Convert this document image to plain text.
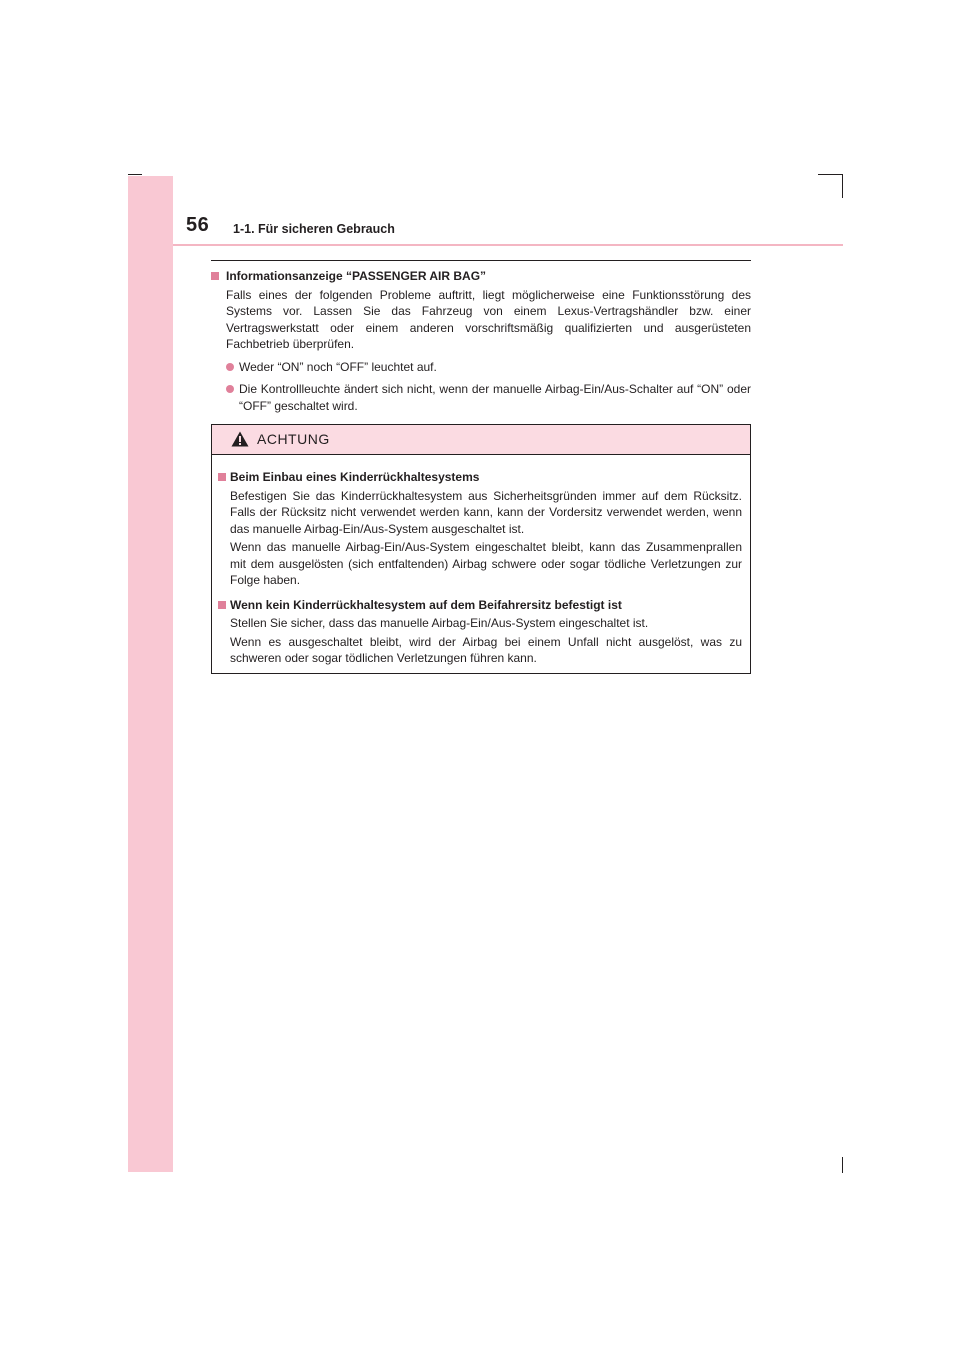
56 1-1. Für sicheren Gebrauch
Informationsanzeige “PASSENGER AIR BAG”
Falls eines der folgenden Probleme auftritt, liegt möglicherweise eine Funktionsstörung des Systems vor. Lassen Sie das Fahrzeug von einem Lexus-Vertragshändler bzw. einer Vertragswerkstatt oder einem anderen vorschriftsmäßig qualifizierten und ausgerüsteten Fachbetrieb überprüfen.
Weder “ON” noch “OFF” leuchtet auf.
Die Kontrollleuchte ändert sich nicht, wenn der manuelle Airbag-Ein/Aus-Schalter auf “ON” oder “OFF” geschaltet wird.
ACHTUNG
Beim Einbau eines Kinderrückhaltesystems
Befestigen Sie das Kinderrückhaltesystem aus Sicherheitsgründen immer auf dem Rücksitz. Falls der Rücksitz nicht verwendet werden kann, kann der Vordersitz verwendet werden, wenn das manuelle Airbag-Ein/Aus-System ausgeschaltet ist.
Wenn das manuelle Airbag-Ein/Aus-System eingeschaltet bleibt, kann das Zusammenprallen mit dem ausgelösten (sich entfaltenden) Airbag schwere oder sogar tödliche Verletzungen zur Folge haben.
Wenn kein Kinderrückhaltesystem auf dem Beifahrersitz befestigt ist
Stellen Sie sicher, dass das manuelle Airbag-Ein/Aus-System eingeschaltet ist.
Wenn es ausgeschaltet bleibt, wird der Airbag bei einem Unfall nicht ausgelöst, was zu schweren oder sogar tödlichen Verletzungen führen kann.
